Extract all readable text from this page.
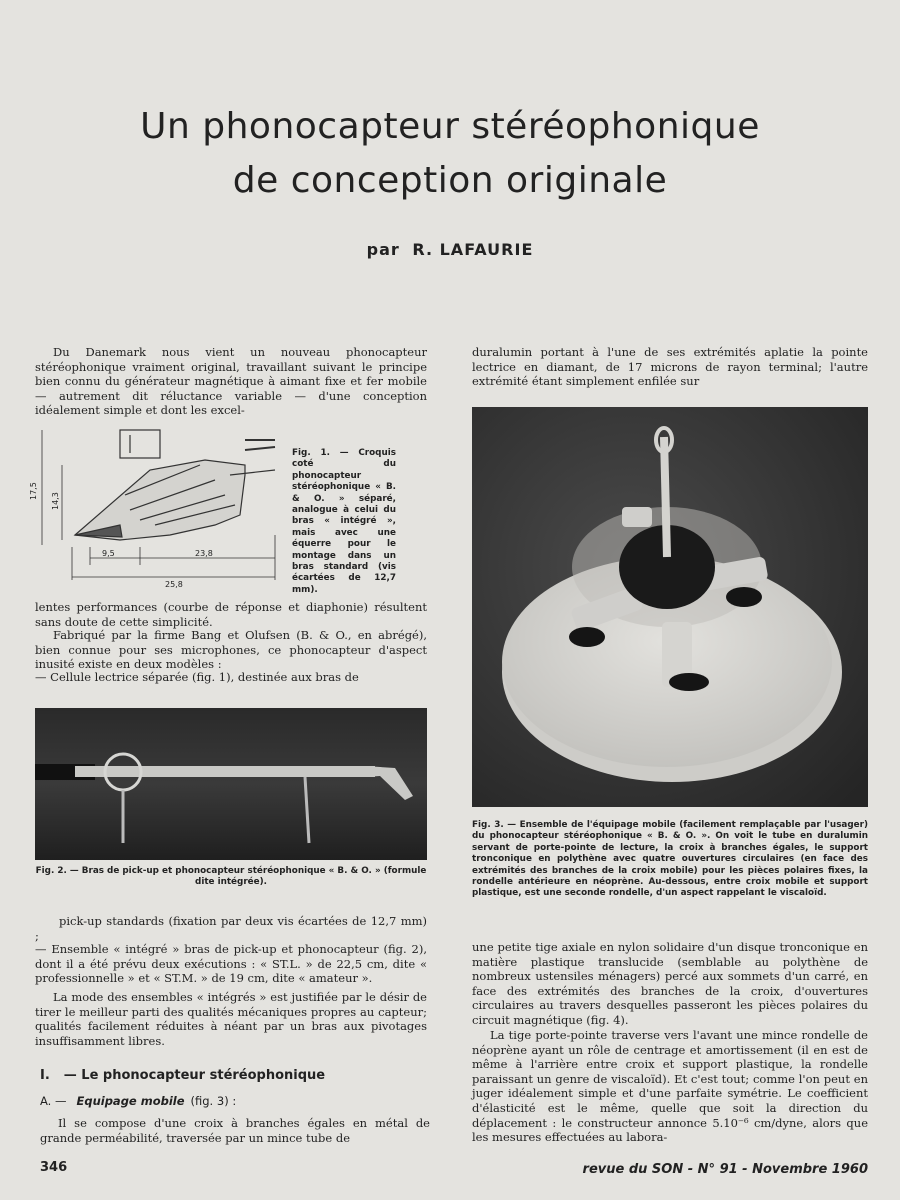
Un phonocapteur stéréophonique
de conception originale
par R. LAFAURIE

Du Danemark nous vient un nouveau phonocapteur stéréophonique vraiment original, travaillant suivant le principe bien connu du générateur magnétique à aimant fixe et fer mobile — autrement dit réluctance variable — d'une conception idéalement simple et dont les excel-

17,5
14,3
9,5	23,8
25,8

Fig. 1. — Croquis coté du phonocapteur stéréophonique « B. & O. » séparé, analogue à celui du bras « intégré », mais avec une équerre pour le montage dans un bras standard (vis écartées de 12,7 mm).

lentes performances (courbe de réponse et diaphonie) résultent sans doute de cette simplicité.

Fabriqué par la firme Bang et Olufsen (B. & O., en abrégé), bien connue pour ses microphones, ce phonocapteur d'aspect inusité existe en deux modèles :

— Cellule lectrice séparée (fig. 1), destinée aux bras de

Fig. 2. — Bras de pick-up et phonocapteur stéréophonique « B. & O. » (formule dite intégrée).

pick-up standards (fixation par deux vis écartées de 12,7 mm) ;

— Ensemble « intégré » bras de pick-up et phonocapteur (fig. 2), dont il a été prévu deux exécutions : « ST.L. » de 22,5 cm, dite « professionnelle » et « ST.M. » de 19 cm, dite « amateur ».

La mode des ensembles « intégrés » est justifiée par le désir de tirer le meilleur parti des qualités mécaniques propres au capteur; qualités facilement réduites à néant par un bras aux pivotages insuffisamment libres.

I. — Le phonocapteur stéréophonique
A. — Equipage mobile (fig. 3) :

Il se compose d'une croix à branches égales en métal de grande perméabilité, traversée par un mince tube de

duralumin portant à l'une de ses extrémités aplatie la pointe lectrice en diamant, de 17 microns de rayon terminal; l'autre extrémité étant simplement enfilée sur

Fig. 3. — Ensemble de l'équipage mobile (facilement remplaçable par l'usager) du phonocapteur stéréophonique « B. & O. ». On voit le tube en duralumin servant de porte-pointe de lecture, la croix à branches égales, le support tronconique en polythène avec quatre ouvertures circulaires (en face des extrémités des branches de la croix mobile) pour les pièces polaires fixes, la rondelle antérieure en néoprène. Au-dessous, entre croix mobile et support plastique, est une seconde rondelle, d'un aspect rappelant le viscaloïd.

une petite tige axiale en nylon solidaire d'un disque tronconique en matière plastique translucide (semblable au polythène de nombreux ustensiles ménagers) percé aux sommets d'un carré, en face des extrémités des branches de la croix, d'ouvertures circulaires au travers desquelles passeront les pièces polaires du circuit magnétique (fig. 4).

La tige porte-pointe traverse vers l'avant une mince rondelle de néoprène ayant un rôle de centrage et amortissement (il en est de même à l'arrière entre croix et support plastique, la rondelle paraissant un genre de viscaloïd). Et c'est tout; comme l'on peut en juger idéalement simple et d'une parfaite symétrie. Le coefficient d'élasticité est le même, quelle que soit la direction du déplacement : le constructeur annonce 5.10⁻⁶ cm/dyne, alors que les mesures effectuées au labora-

346	revue du SON - N° 91 - Novembre 1960
